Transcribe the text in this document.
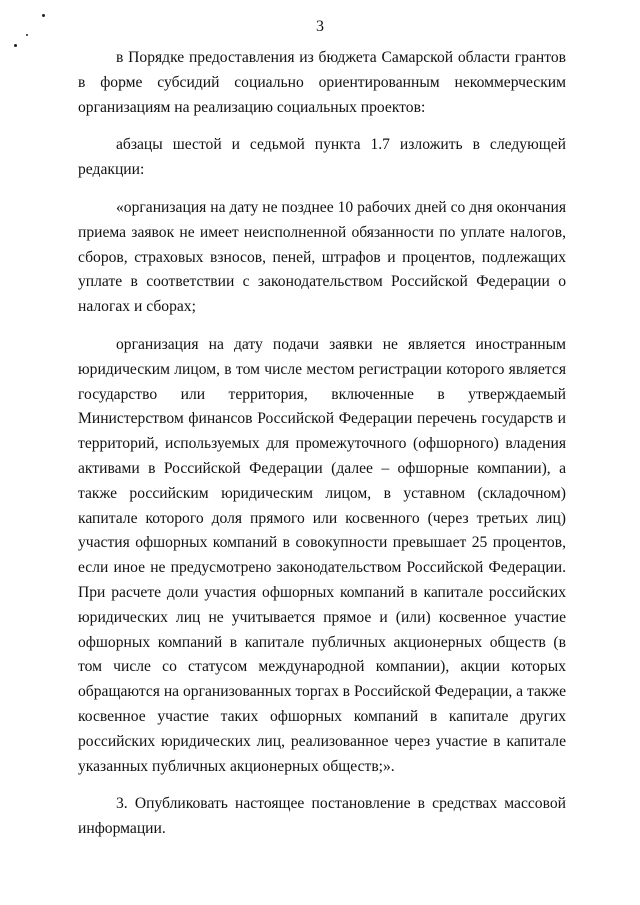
3

в Порядке предоставления из бюджета Самарской области грантов в форме субсидий социально ориентированным некоммерческим организациям на реализацию социальных проектов:

абзацы шестой и седьмой пункта 1.7 изложить в следующей редакции:

«организация на дату не позднее 10 рабочих дней со дня окончания приема заявок не имеет неисполненной обязанности по уплате налогов, сборов, страховых взносов, пеней, штрафов и процентов, подлежащих уплате в соответствии с законодательством Российской Федерации о налогах и сборах;

организация на дату подачи заявки не является иностранным юридическим лицом, в том числе местом регистрации которого является государство или территория, включенные в утверждаемый Министерством финансов Российской Федерации перечень государств и территорий, используемых для промежуточного (офшорного) владения активами в Российской Федерации (далее – офшорные компании), а также российским юридическим лицом, в уставном (складочном) капитале которого доля прямого или косвенного (через третьих лиц) участия офшорных компаний в совокупности превышает 25 процентов, если иное не предусмотрено законодательством Российской Федерации. При расчете доли участия офшорных компаний в капитале российских юридических лиц не учитывается прямое и (или) косвенное участие офшорных компаний в капитале публичных акционерных обществ (в том числе со статусом международной компании), акции которых обращаются на организованных торгах в Российской Федерации, а также косвенное участие таких офшорных компаний в капитале других российских юридических лиц, реализованное через участие в капитале указанных публичных акционерных обществ;».

3. Опубликовать настоящее постановление в средствах массовой информации.
